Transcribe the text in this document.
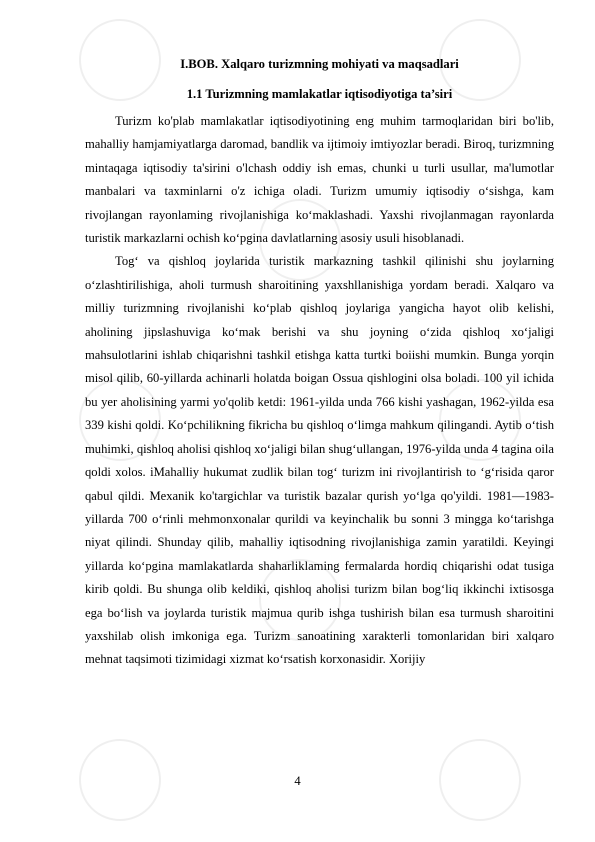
I.BOB. Xalqaro turizmning mohiyati va maqsadlari

1.1 Turizmning mamlakatlar iqtisodiyotiga ta’siri

Turizm ko'plab mamlakatlar iqtisodiyotining eng muhim tarmoqlaridan biri bo'lib, mahalliy hamjamiyatlarga daromad, bandlik va ijtimoiy imtiyozlar beradi. Biroq, turizmning mintaqaga iqtisodiy ta'sirini o'lchash oddiy ish emas, chunki u turli usullar, ma'lumotlar manbalari va taxminlarni o'z ichiga oladi. Turizm umumiy iqtisodiy o‘sishga, kam rivojlangan rayonlaming rivojlanishiga ko‘maklashadi. Yaxshi rivojlanmagan rayonlarda turistik markazlarni ochish ko‘pgina davlatlarning asosiy usuli hisoblanadi.

Tog‘ va qishloq joylarida turistik markazning tashkil qilinishi shu joylarning o‘zlashtirilishiga, aholi turmush sharoitining yaxshllanishiga yordam beradi. Xalqaro va milliy turizmning rivojlanishi ko‘plab qishloq joylariga yangicha hayot olib kelishi, aholining jipslashuviga ko‘mak berishi va shu joyning o‘zida qishloq xo‘jaligi mahsulotlarini ishlab chiqarishni tashkil etishga katta turtki boiishi mumkin. Bunga yorqin misol qilib, 60-yillarda achinarli holatda boigan Ossua qishlogini olsa boladi. 100 yil ichida bu yer aholisining yarmi yo'qolib ketdi: 1961-yilda unda 766 kishi yashagan, 1962-yilda esa 339 kishi qoldi. Ko‘pchilikning fikricha bu qishloq o‘limga mahkum qilingandi. Aytib o‘tish muhimki, qishloq aholisi qishloq xo‘jaligi bilan shug‘ullangan, 1976-yilda unda 4 tagina oila qoldi xolos. iMahalliy hukumat zudlik bilan tog‘ turizm ini rivojlantirish to ‘g‘risida qaror qabul qildi. Mexanik ko'targichlar va turistik bazalar qurish yo‘lga qo'yildi. 1981—1983- yillarda 700 o‘rinli mehmonxonalar qurildi va keyinchalik bu sonni 3 mingga ko‘tarishga niyat qilindi. Shunday qilib, mahalliy iqtisodning rivojlanishiga zamin yaratildi. Keyingi yillarda ko‘pgina mamlakatlarda shaharliklaming fermalarda hordiq chiqarishi odat tusiga kirib qoldi. Bu shunga olib keldiki, qishloq aholisi turizm bilan bog‘liq ikkinchi ixtisosga ega bo‘lish va joylarda turistik majmua qurib ishga tushirish bilan esa turmush sharoitini yaxshilab olish imkoniga ega. Turizm sanoatining xarakterli tomonlaridan biri xalqaro mehnat taqsimoti tizimidagi xizmat ko‘rsatish korxonasidir. Xorijiy

4
